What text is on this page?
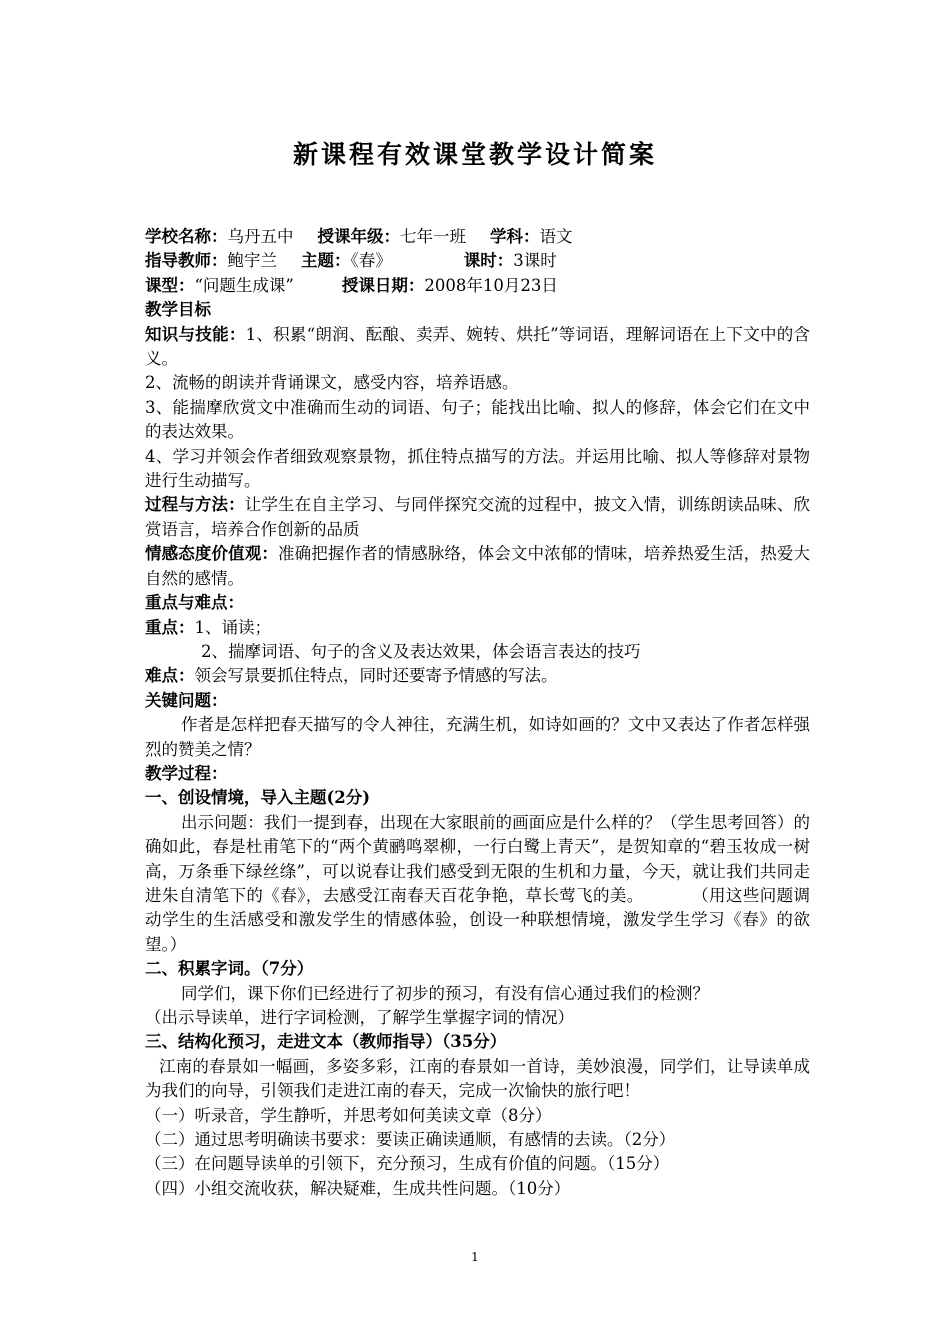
新课程有效课堂教学设计简案

学校名称：乌丹五中 授课年级：七年一班 学科：语文

指导教师：鲍宇兰 主题：《春》	课时：3课时

课型：“问题生成课”	授课日期：2008年10月23日

教学目标

知识与技能：1、积累“朗润、酝酿、卖弄、婉转、烘托”等词语，理解词语在上下文中的含义。

2、流畅的朗读并背诵课文，感受内容，培养语感。

3、能揣摩欣赏文中准确而生动的词语、句子；能找出比喻、拟人的修辞，体会它们在文中的表达效果。

4、学习并领会作者细致观察景物，抓住特点描写的方法。并运用比喻、拟人等修辞对景物进行生动描写。

过程与方法：让学生在自主学习、与同伴探究交流的过程中，披文入情，训练朗读品味、欣赏语言，培养合作创新的品质

情感态度价值观：准确把握作者的情感脉络，体会文中浓郁的情味，培养热爱生活，热爱大自然的感情。

重点与难点：

重点：1、诵读；

2、揣摩词语、句子的含义及表达效果，体会语言表达的技巧

难点：领会写景要抓住特点，同时还要寄予情感的写法。

关键问题：

作者是怎样把春天描写的令人神往，充满生机，如诗如画的？文中又表达了作者怎样强烈的赞美之情？

教学过程：

一、创设情境，导入主题(2分)

出示问题：我们一提到春，出现在大家眼前的画面应是什么样的？（学生思考回答）的确如此，春是杜甫笔下的“两个黄鹂鸣翠柳，一行白鹭上青天”，是贺知章的“碧玉妆成一树高，万条垂下绿丝绦”，可以说春让我们感受到无限的生机和力量，今天，就让我们共同走进朱自清笔下的《春》，去感受江南春天百花争艳，草长莺飞的美。	（用这些问题调动学生的生活感受和激发学生的情感体验，创设一种联想情境，激发学生学习《春》的欲望。）

二、积累字词。（7分）

同学们，课下你们已经进行了初步的预习，有没有信心通过我们的检测？

（出示导读单，进行字词检测，了解学生掌握字词的情况）

三、结构化预习，走进文本（教师指导）（35分）

江南的春景如一幅画，多姿多彩，江南的春景如一首诗，美妙浪漫，同学们，让导读单成为我们的向导，引领我们走进江南的春天，完成一次愉快的旅行吧！

（一）听录音，学生静听，并思考如何美读文章（8分）

（二）通过思考明确读书要求：要读正确读通顺，有感情的去读。（2分）

（三）在问题导读单的引领下，充分预习，生成有价值的问题。（15分）

（四）小组交流收获，解决疑难，生成共性问题。（10分）

1
